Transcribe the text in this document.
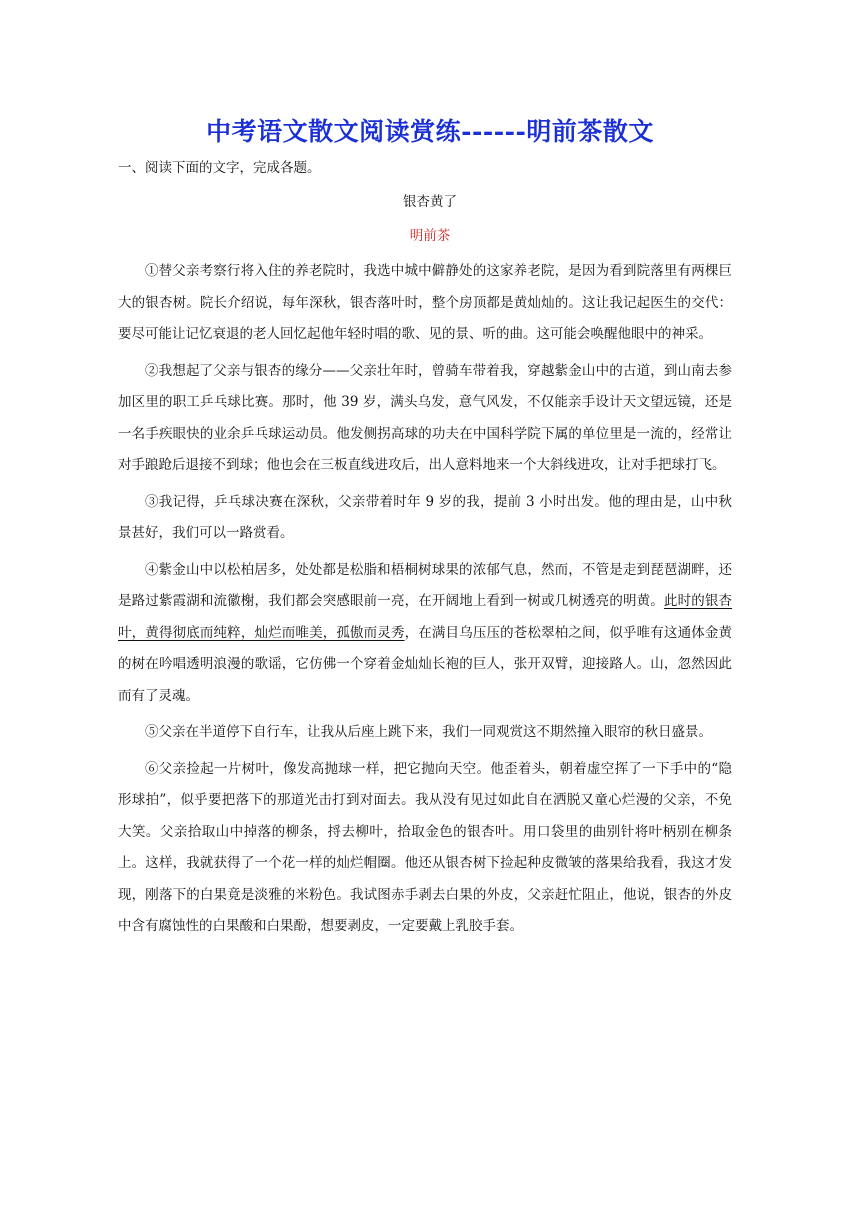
中考语文散文阅读赏练------明前茶散文
一、阅读下面的文字，完成各题。
银杏黄了
明前茶

①替父亲考察行将入住的养老院时，我选中城中僻静处的这家养老院，是因为看到院落里有两棵巨大的银杏树。院长介绍说，每年深秋，银杏落叶时，整个房顶都是黄灿灿的。这让我记起医生的交代：要尽可能让记忆衰退的老人回忆起他年轻时唱的歌、见的景、听的曲。这可能会唤醒他眼中的神采。

②我想起了父亲与银杏的缘分——父亲壮年时，曾骑车带着我，穿越紫金山中的古道，到山南去参加区里的职工乒乓球比赛。那时，他 39 岁，满头乌发，意气风发，不仅能亲手设计天文望远镜，还是一名手疾眼快的业余乒乓球运动员。他发侧拐高球的功夫在中国科学院下属的单位里是一流的，经常让对手踉跄后退接不到球；他也会在三板直线进攻后，出人意料地来一个大斜线进攻，让对手把球打飞。

③我记得，乒乓球决赛在深秋，父亲带着时年 9 岁的我，提前 3 小时出发。他的理由是，山中秋景甚好，我们可以一路赏看。

④紫金山中以松柏居多，处处都是松脂和梧桐树球果的浓郁气息，然而，不管是走到琵琶湖畔，还是路过紫霞湖和流徽榭，我们都会突感眼前一亮，在开阔地上看到一树或几树透亮的明黄。此时的银杏叶，黄得彻底而纯粹，灿烂而唯美，孤傲而灵秀，在满目乌压压的苍松翠柏之间，似乎唯有这通体金黄的树在吟唱透明浪漫的歌谣，它仿佛一个穿着金灿灿长袍的巨人，张开双臂，迎接路人。山，忽然因此而有了灵魂。

⑤父亲在半道停下自行车，让我从后座上跳下来，我们一同观赏这不期然撞入眼帘的秋日盛景。

⑥父亲捡起一片树叶，像发高抛球一样，把它抛向天空。他歪着头，朝着虚空挥了一下手中的“隐形球拍”，似乎要把落下的那道光击打到对面去。我从没有见过如此自在洒脱又童心烂漫的父亲，不免大笑。父亲拾取山中掉落的柳条，捋去柳叶，拾取金色的银杏叶。用口袋里的曲别针将叶柄别在柳条上。这样，我就获得了一个花一样的灿烂帽圈。他还从银杏树下捡起种皮微皱的落果给我看，我这才发现，刚落下的白果竟是淡雅的米粉色。我试图赤手剥去白果的外皮，父亲赶忙阻止，他说，银杏的外皮中含有腐蚀性的白果酸和白果酚，想要剥皮，一定要戴上乳胶手套。
